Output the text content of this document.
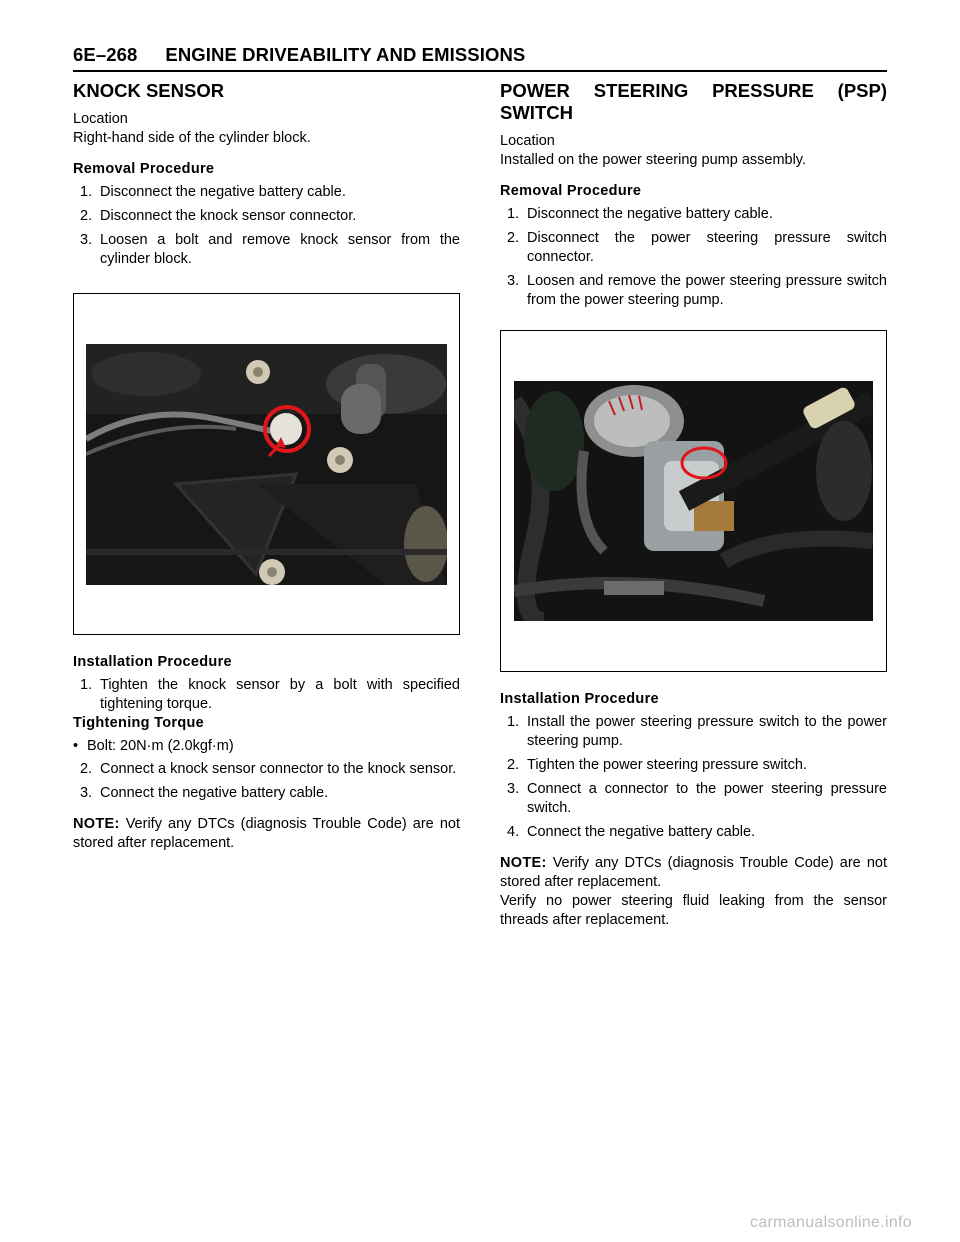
6E–268 ENGINE DRIVEABILITY AND EMISSIONS
KNOCK SENSOR

Location

Right-hand side of the cylinder block.

Removal Procedure

1. Disconnect the negative battery cable.
2. Disconnect the knock sensor connector.
3. Loosen a bolt and remove knock sensor from the cylinder block.

Installation Procedure

1. Tighten the knock sensor by a bolt with specified tightening torque.

Tightening Torque

• Bolt: 20N·m (2.0kgf·m)
2. Connect a knock sensor connector to the knock sensor.
3. Connect the negative battery cable.

NOTE: Verify any DTCs (diagnosis Trouble Code) are not stored after replacement.

POWER STEERING PRESSURE (PSP) SWITCH

Location

Installed on the power steering pump assembly.

Removal Procedure

1. Disconnect the negative battery cable.
2. Disconnect the power steering pressure switch connector.
3. Loosen and remove the power steering pressure switch from the power steering pump.

Installation Procedure

1. Install the power steering pressure switch to the power steering pump.
2. Tighten the power steering pressure switch.
3. Connect a connector to the power steering pressure switch.
4. Connect the negative battery cable.

NOTE: Verify any DTCs (diagnosis Trouble Code) are not stored after replacement.

Verify no power steering fluid leaking from the sensor threads after replacement.

carmanualsonline.info
